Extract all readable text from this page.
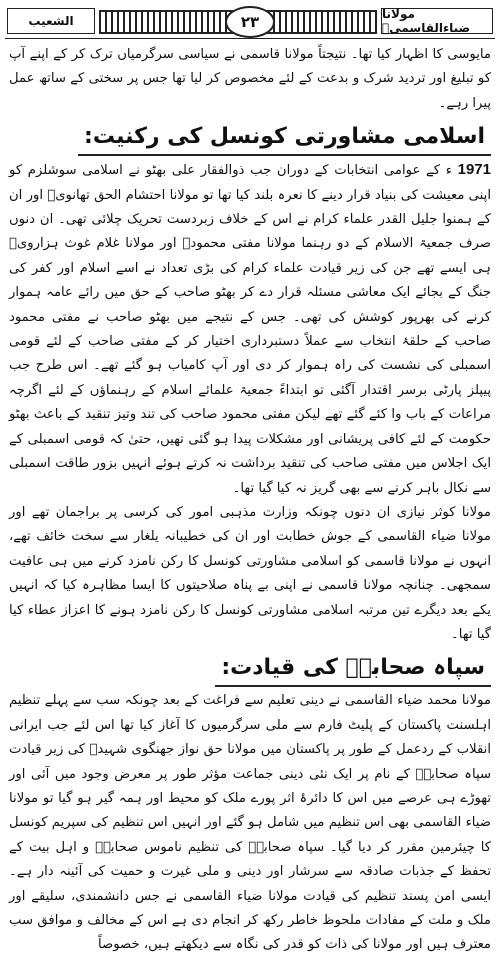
الشعیب	۲۳	مولانا ضیاءالقاسمیؒ

مایوسی کا اظہار کیا تھا۔ نتیجتاً مولانا قاسمی نے سیاسی سرگرمیاں ترک کر کے اپنے آپ کو تبلیغ اور تردید شرک و بدعت کے لئے مخصوص کر لیا تھا جس پر سختی کے ساتھ عمل پیرا رہے۔

اسلامی مشاورتی کونسل کی رکنیت:

1971 ء کے عوامی انتخابات کے دوران جب ذوالفقار علی بھٹو نے اسلامی سوشلزم کو اپنی معیشت کی بنیاد قرار دینے کا نعرہ بلند کیا تھا تو مولانا احتشام الحق تھانویؒ اور ان کے ہمنوا جلیل القدر علماء کرام نے اس کے خلاف زبردست تحریک چلائی تھی۔ ان دنوں صرف جمعیۃ الاسلام کے دو رہنما مولانا مفتی محمودؒ اور مولانا غلام غوث ہزارویؒ ہی ایسے تھے جن کی زیر قیادت علماء کرام کی بڑی تعداد نے اسے اسلام اور کفر کی جنگ کے بجائے ایک معاشی مسئلہ قرار دے کر بھٹو صاحب کے حق میں رائے عامہ ہموار کرنے کی بھرپور کوشش کی تھی۔ جس کے نتیجے میں بھٹو صاحب نے مفتی محمود صاحب کے حلقۂ انتخاب سے عملاً دستبرداری اختیار کر کے مفتی صاحب کے لئے قومی اسمبلی کی نشست کی راہ ہموار کر دی اور آپ کامیاب ہو گئے تھے۔ اس طرح جب پیپلز پارٹی برسر اقتدار آگئی تو ابتداءً جمعیۃ علمائے اسلام کے رہنماؤں کے لئے اگرچہ مراعات کے باب وا کئے گئے تھے لیکن مفتی محمود صاحب کی تند وتیز تنقید کے باعث بھٹو حکومت کے لئے کافی پریشانی اور مشکلات پیدا ہو گئی تھیں، حتیٰ کہ قومی اسمبلی کے ایک اجلاس میں مفتی صاحب کی تنقید برداشت نہ کرتے ہوئے انہیں بزور طاقت اسمبلی سے نکال باہر کرنے سے بھی گریز نہ کیا گیا تھا۔

مولانا کوثر نیازی ان دنوں چونکہ وزارت مذہبی امور کی کرسی پر براجمان تھے اور مولانا ضیاء القاسمی کے جوش خطابت اور ان کی خطیبانہ یلغار سے سخت خائف تھے، انہوں نے مولانا قاسمی کو اسلامی مشاورتی کونسل کا رکن نامزد کرنے میں ہی عافیت سمجھی۔ چنانچہ مولانا قاسمی نے اپنی بے پناہ صلاحیتوں کا ایسا مظاہرہ کیا کہ انہیں یکے بعد دیگرے تین مرتبہ اسلامی مشاورتی کونسل کا رکن نامزد ہونے کا اعزاز عطاء کیا گیا تھا۔

سپاہ صحابہؓ کی قیادت:

مولانا محمد ضیاء القاسمی نے دینی تعلیم سے فراغت کے بعد چونکہ سب سے پہلے تنظیم اہلسنت پاکستان کے پلیٹ فارم سے ملی سرگرمیوں کا آغاز کیا تھا اس لئے جب ایرانی انقلاب کے ردعمل کے طور پر پاکستان میں مولانا حق نواز جھنگوی شہیدؒ کی زیر قیادت سپاہ صحابہؓ کے نام پر ایک نئی دینی جماعت مؤثر طور پر معرض وجود میں آئی اور تھوڑے ہی عرصے میں اس کا دائرۂ اثر پورے ملک کو محیط اور ہمہ گیر ہو گیا تو مولانا ضیاء القاسمی بھی اس تنظیم میں شامل ہو گئے اور انہیں اس تنظیم کی سپریم کونسل کا چیئرمین مقرر کر دیا گیا۔ سپاہ صحابہؓ کی تنظیم ناموس صحابہؓ و اہل بیت کے تحفظ کے جذبات صادقہ سے سرشار اور دینی و ملی غیرت و حمیت کی آئینہ دار ہے۔ ایسی امن پسند تنظیم کی قیادت مولانا ضیاء القاسمی نے جس دانشمندی، سلیقے اور ملک و ملت کے مفادات ملحوظ خاطر رکھ کر انجام دی ہے اس کے مخالف و موافق سب معترف ہیں اور مولانا کی ذات کو قدر کی نگاہ سے دیکھتے ہیں، خصوصاً
